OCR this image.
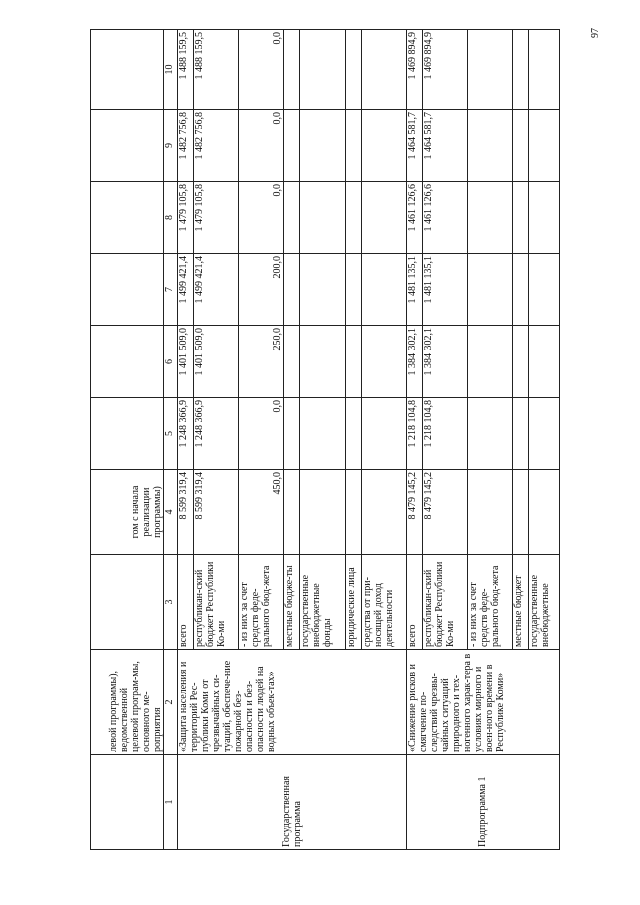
97
	левой программы), ведомственной целевой програм-мы, основного ме-роприятия		гом с начала реализации программы)						
1	2	3	4	5	6	7	8	9	10
Государственная программа	«Защита населения и территорий Рес-публики Коми от чрезвычайных си-туаций, обеспече-ние пожарной без-опасности и без-опасности людей на водных объек-тах»	всего	8 599 319,4	1 248 366,9	1 401 509,0	1 499 421,4	1 479 105,8	1 482 756,8	1 488 159,5
		республикан-ский бюджет Республики Ко-ми	8 599 319,4	1 248 366,9	1 401 509,0	1 499 421,4	1 479 105,8	1 482 756,8	1 488 159,5
		- из них за счет средств феде-рального бюд-жета	450,0	0,0	250,0	200,0	0,0	0,0	0,0
		местные бюдже-ты							
		государственные внебюджетные фонды							
		юридические лица							
		средства от при-носящей доход деятельности							
Подпрограмма 1	«Снижение рисков и смягчение по-следствий чрезвы-чайных ситуаций природного и тех-ногенного харак-тера в условиях мирного и воен-ного времени в Республике Коми»	всего	8 479 145,2	1 218 104,8	1 384 302,1	1 481 135,1	1 461 126,6	1 464 581,7	1 469 894,9
		республикан-ский бюджет Республики Ко-ми	8 479 145,2	1 218 104,8	1 384 302,1	1 481 135,1	1 461 126,6	1 464 581,7	1 469 894,9
		- из них за счет средств феде-рального бюд-жета							
		местные бюджет							
		государственные внебюджетные							
